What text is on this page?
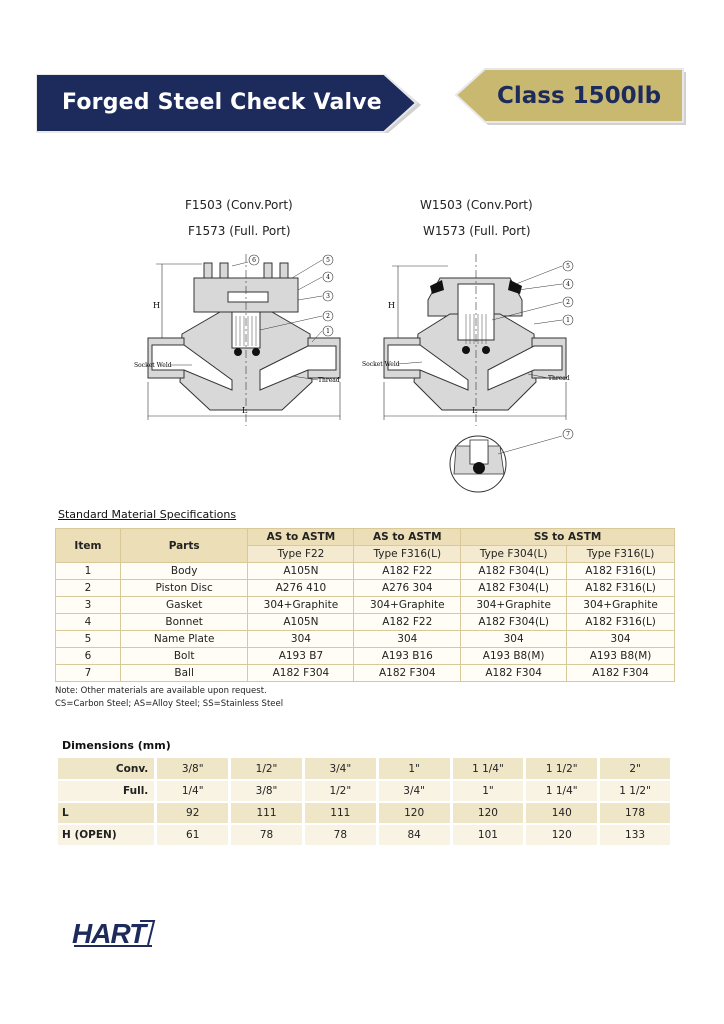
Forged Steel Check Valve	Class 1500lb
F1503 (Conv.Port)
F1573 (Full. Port)
W1503 (Conv.Port)
W1573 (Full. Port)
H
L
Socket Weld
Thread
6	5
4
3
2
1
H
L
Socket Weld
Thread
5
4
2
1
7
Standard Material Specifications
Item	Parts	AS to ASTM	AS to ASTM	SS to ASTM	
		Type F22	Type F316(L)	Type F304(L)	Type F316(L)
1	Body	A105N	A182 F22	A182 F304(L)	A182 F316(L)
2	Piston Disc	A276 410	A276 304	A182 F304(L)	A182 F316(L)
3	Gasket	304+Graphite	304+Graphite	304+Graphite	304+Graphite
4	Bonnet	A105N	A182 F22	A182 F304(L)	A182 F316(L)
5	Name Plate	304	304	304	304
6	Bolt	A193 B7	A193 B16	A193 B8(M)	A193 B8(M)
7	Ball	A182 F304	A182 F304	A182 F304	A182 F304
Note: Other materials are available upon request.
CS=Carbon Steel; AS=Alloy Steel; SS=Stainless Steel
Dimensions (mm)
Conv.	3/8"	1/2"	3/4"	1"	1 1/4"	1 1/2"	2"
Full.	1/4"	3/8"	1/2"	3/4"	1"	1 1/4"	1 1/2"
L	92	111	111	120	120	140	178
H (OPEN)	61	78	78	84	101	120	133
HART
